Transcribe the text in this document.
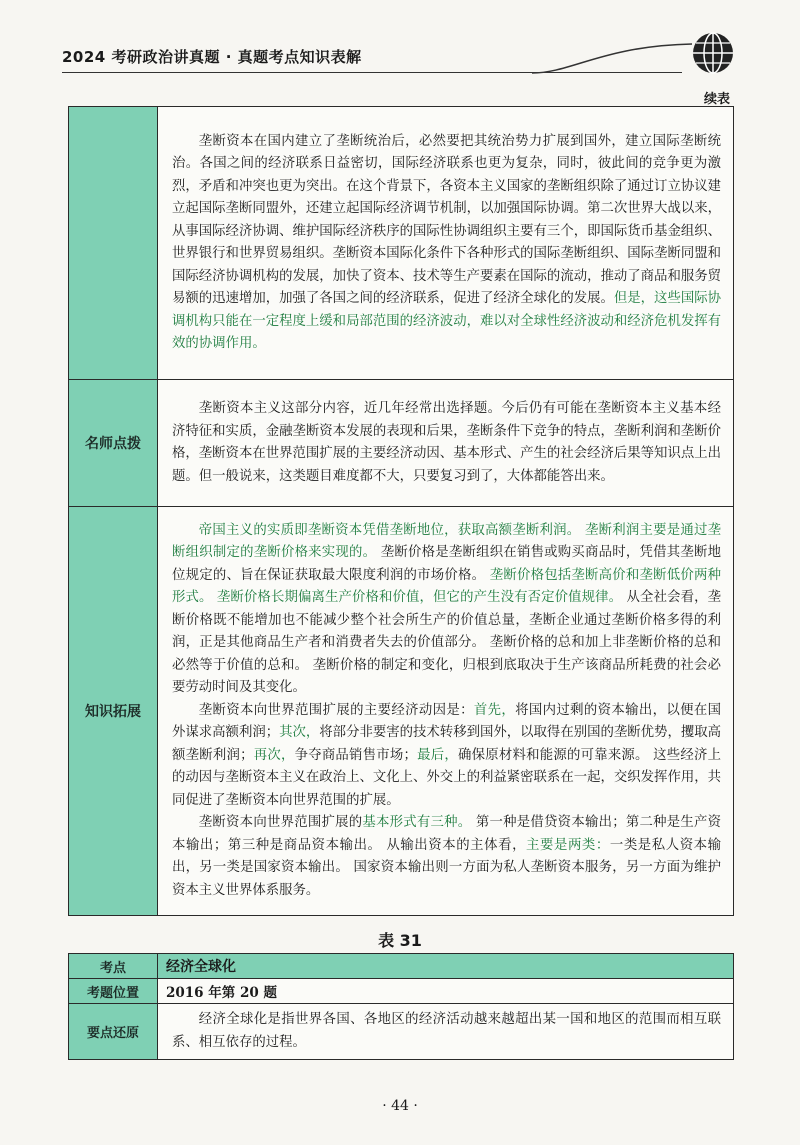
2024 考研政治讲真题 · 真题考点知识表解
续表

	垄断资本在国内建立了垄断统治后，必然要把其统治势力扩展到国外，建立国际垄断统治。各国之间的经济联系日益密切，国际经济联系也更为复杂，同时，彼此间的竞争更为激烈，矛盾和冲突也更为突出。在这个背景下，各资本主义国家的垄断组织除了通过订立协议建立起国际垄断同盟外，还建立起国际经济调节机制，以加强国际协调。第二次世界大战以来，从事国际经济协调、维护国际经济秩序的国际性协调组织主要有三个，即国际货币基金组织、世界银行和世界贸易组织。垄断资本国际化条件下各种形式的国际垄断组织、国际垄断同盟和国际经济协调机构的发展，加快了资本、技术等生产要素在国际的流动，推动了商品和服务贸易额的迅速增加，加强了各国之间的经济联系，促进了经济全球化的发展。但是，这些国际协调机构只能在一定程度上缓和局部范围的经济波动，难以对全球性经济波动和经济危机发挥有效的协调作用。

名师点拨	垄断资本主义这部分内容，近几年经常出选择题。今后仍有可能在垄断资本主义基本经济特征和实质，金融垄断资本发展的表现和后果，垄断条件下竞争的特点，垄断利润和垄断价格，垄断资本在世界范围扩展的主要经济动因、基本形式、产生的社会经济后果等知识点上出题。但一般说来，这类题目难度都不大，只要复习到了，大体都能答出来。

知识拓展	帝国主义的实质即垄断资本凭借垄断地位，获取高额垄断利润。 垄断利润主要是通过垄断组织制定的垄断价格来实现的。 垄断价格是垄断组织在销售或购买商品时，凭借其垄断地位规定的、旨在保证获取最大限度利润的市场价格。 垄断价格包括垄断高价和垄断低价两种形式。 垄断价格长期偏离生产价格和价值，但它的产生没有否定价值规律。 从全社会看，垄断价格既不能增加也不能减少整个社会所生产的价值总量，垄断企业通过垄断价格多得的利润，正是其他商品生产者和消费者失去的价值部分。 垄断价格的总和加上非垄断价格的总和必然等于价值的总和。 垄断价格的制定和变化，归根到底取决于生产该商品所耗费的社会必要劳动时间及其变化。

垄断资本向世界范围扩展的主要经济动因是：首先，将国内过剩的资本输出，以便在国外谋求高额利润；其次，将部分非要害的技术转移到国外，以取得在别国的垄断优势，攫取高额垄断利润；再次，争夺商品销售市场；最后，确保原材料和能源的可靠来源。 这些经济上的动因与垄断资本主义在政治上、文化上、外交上的利益紧密联系在一起，交织发挥作用，共同促进了垄断资本向世界范围的扩展。

垄断资本向世界范围扩展的基本形式有三种。 第一种是借贷资本输出；第二种是生产资本输出；第三种是商品资本输出。 从输出资本的主体看，主要是两类：一类是私人资本输出，另一类是国家资本输出。 国家资本输出则一方面为私人垄断资本服务，另一方面为维护资本主义世界体系服务。

表 31
考点	经济全球化
考题位置	2016 年第 20 题
要点还原	经济全球化是指世界各国、各地区的经济活动越来越超出某一国和地区的范围而相互联系、相互依存的过程。

· 44 ·
